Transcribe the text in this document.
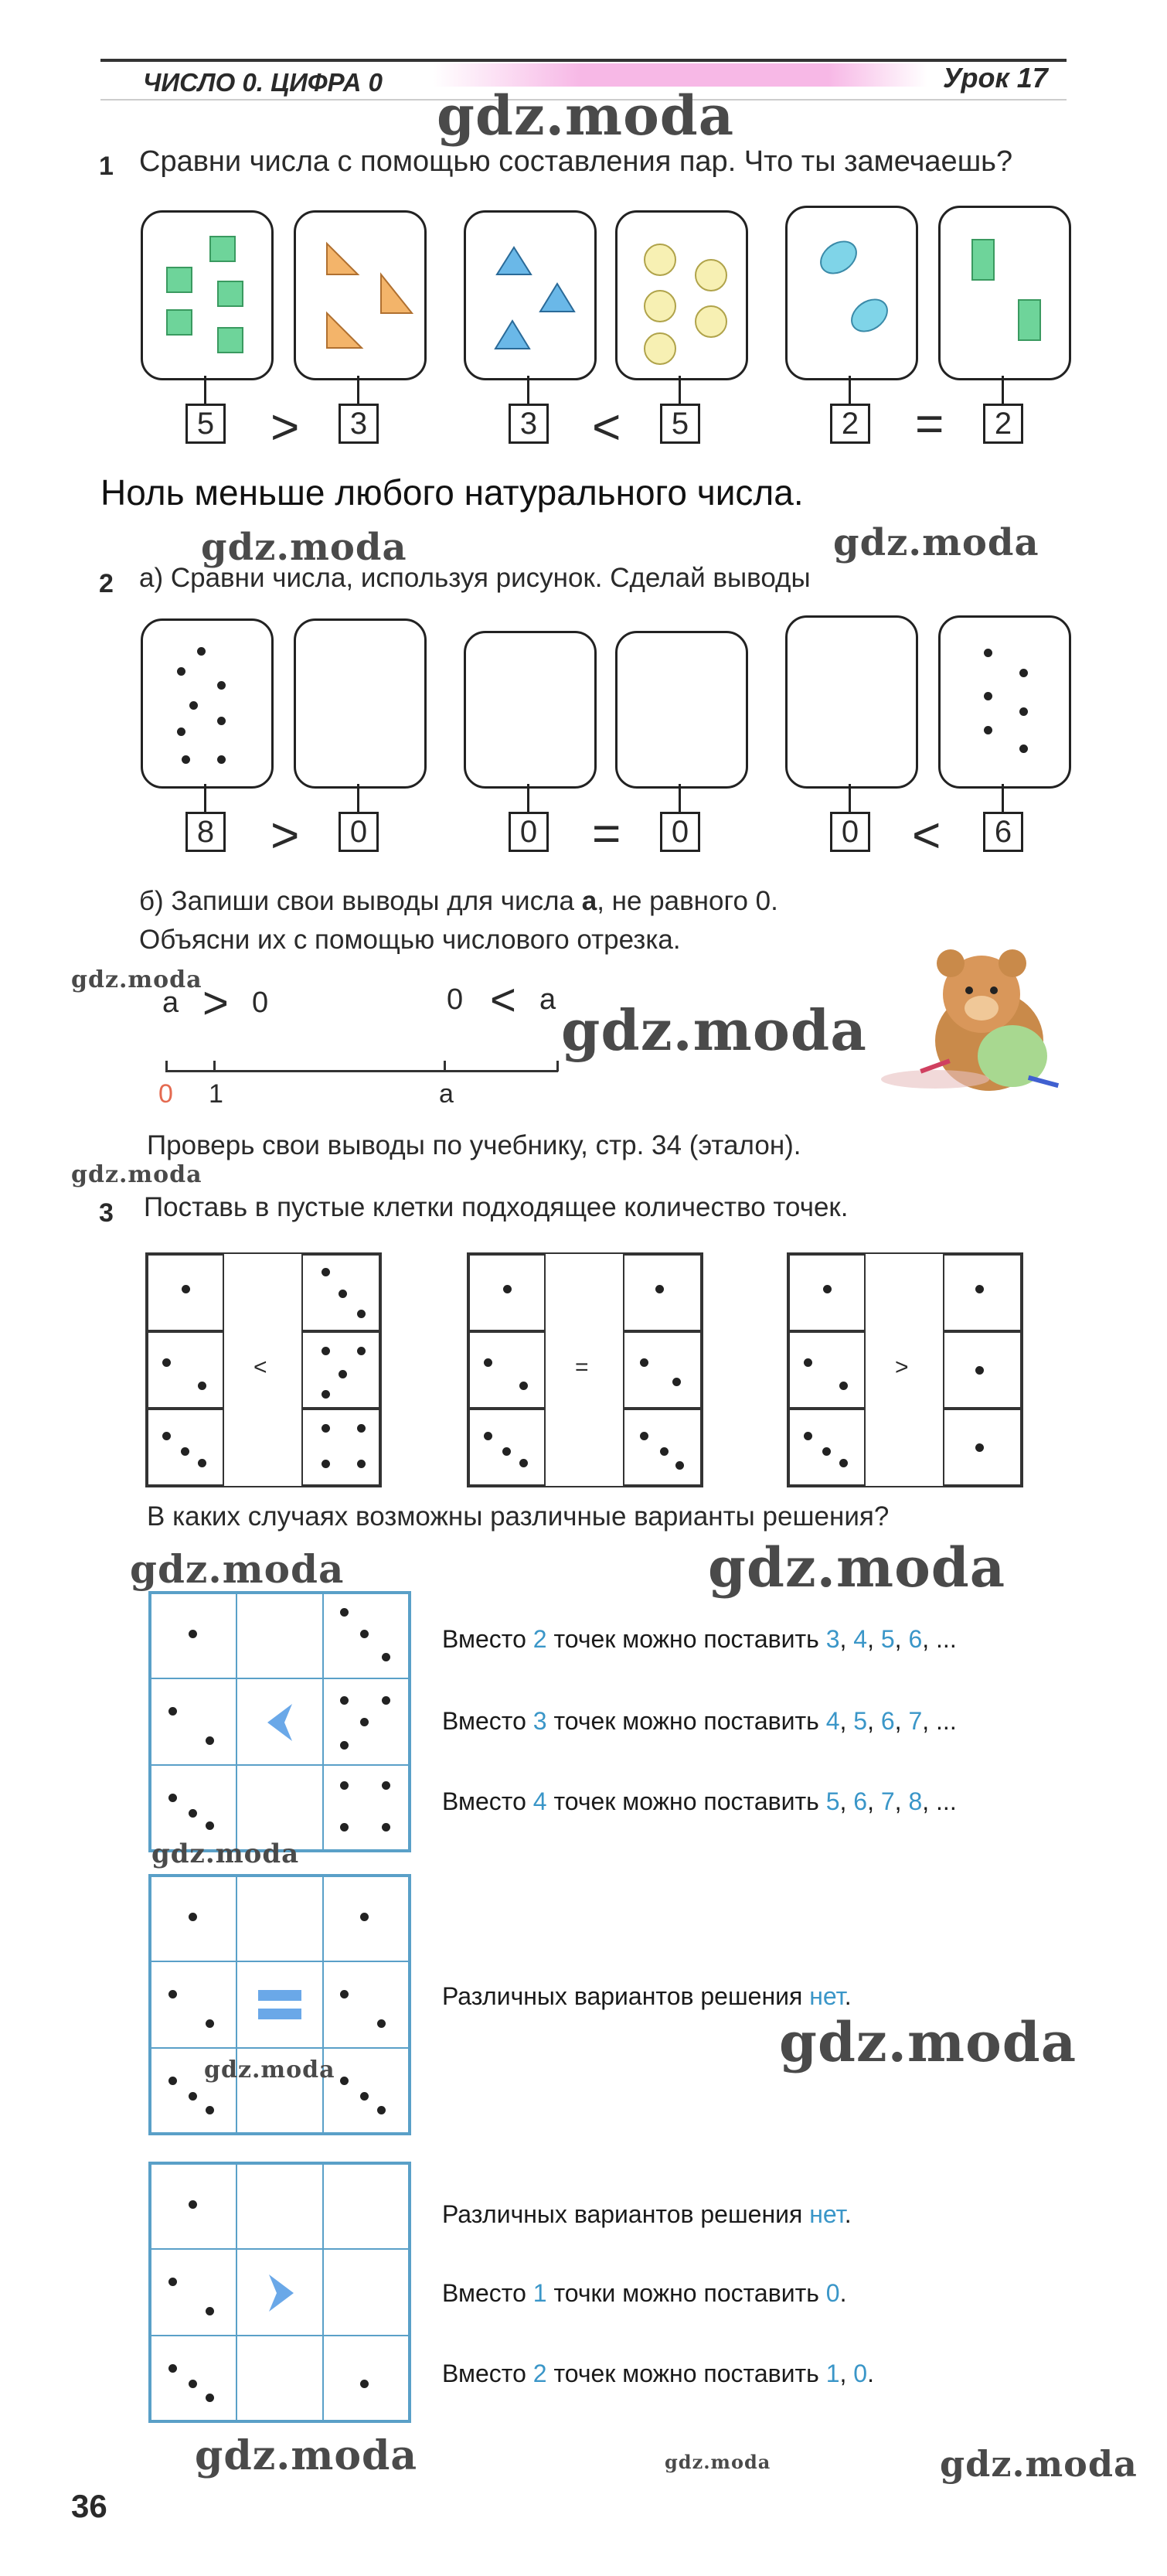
ЧИСЛО 0. ЦИФРА 0	Урок 17
gdz.moda
1 Сравни числа с помощью составления пар. Что ты замечаешь?
5 >	3	3 <	5	2 =	2
Ноль меньше любого натурального числа.
gdz.moda	gdz.moda
2 а) Сравни числа, используя рисунок. Сделай выводы
8 >	0	0 =	0	0 <	6
б) Запиши свои выводы для числа а, не равного 0.
Объясни их с помощью числового отрезка.
gdz.moda
a > 0	0 < a gdz.moda
0 1	a
Проверь свои выводы по учебнику, стр. 34 (эталон).
gdz.moda
3 Поставь в пустые клетки подходящее количество точек.
<	=	>
В каких случаях возможны различные варианты решения?
gdz.moda	gdz.moda
Вместо 2 точек можно поставить 3, 4, 5, 6, ...
Вместо 3 точек можно поставить 4, 5, 6, 7, ...
Вместо 4 точек можно поставить 5, 6, 7, 8, ...
gdz.moda
Различных вариантов решения нет.
gdz.moda	gdz.moda
Различных вариантов решения нет.
Вместо 1 точки можно поставить 0.
Вместо 2 точек можно поставить 1, 0.
gdz.moda	gdz.moda	gdz.moda
36
